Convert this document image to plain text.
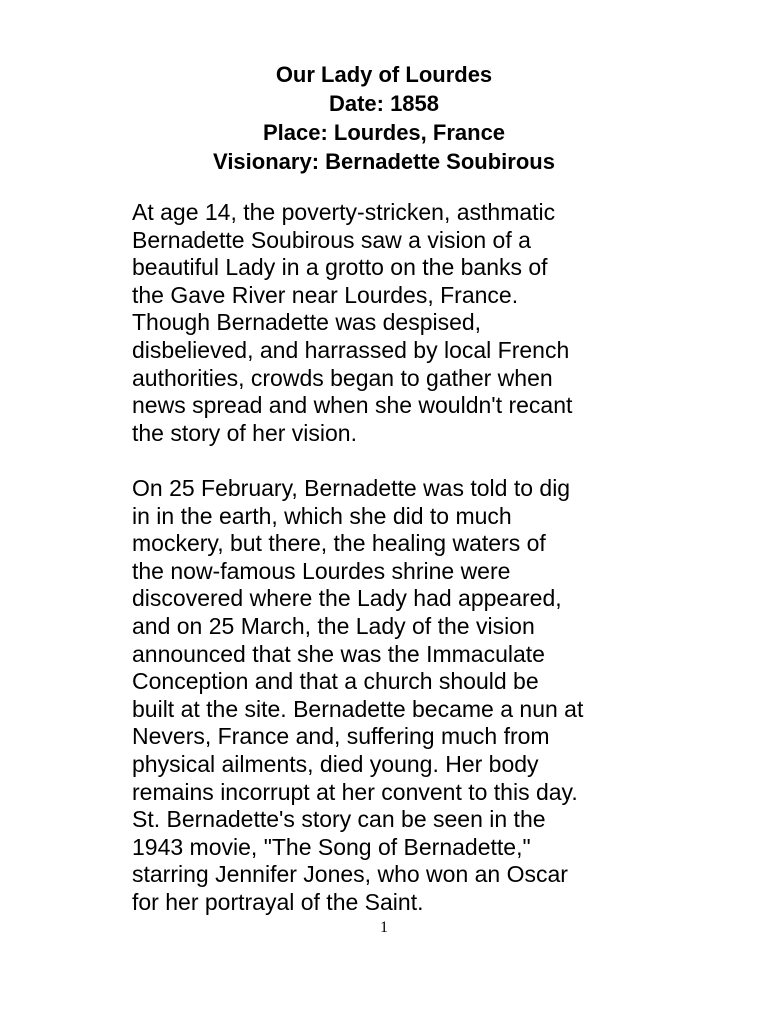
Our Lady of Lourdes
Date: 1858
Place: Lourdes, France
Visionary: Bernadette Soubirous
At age 14, the poverty-stricken, asthmatic
Bernadette Soubirous saw a vision of a
beautiful Lady in a grotto on the banks of
the Gave River near Lourdes, France.
Though Bernadette was despised,
disbelieved, and harrassed by local French
authorities, crowds began to gather when
news spread and when she wouldn't recant
the story of her vision.
On 25 February, Bernadette was told to dig
in in the earth, which she did to much
mockery, but there, the healing waters of
the now-famous Lourdes shrine were
discovered where the Lady had appeared,
and on 25 March, the Lady of the vision
announced that she was the Immaculate
Conception and that a church should be
built at the site. Bernadette became a nun at
Nevers, France and, suffering much from
physical ailments, died young. Her body
remains incorrupt at her convent to this day.
St. Bernadette's story can be seen in the
1943 movie, "The Song of Bernadette,"
starring Jennifer Jones, who won an Oscar
for her portrayal of the Saint.
1
